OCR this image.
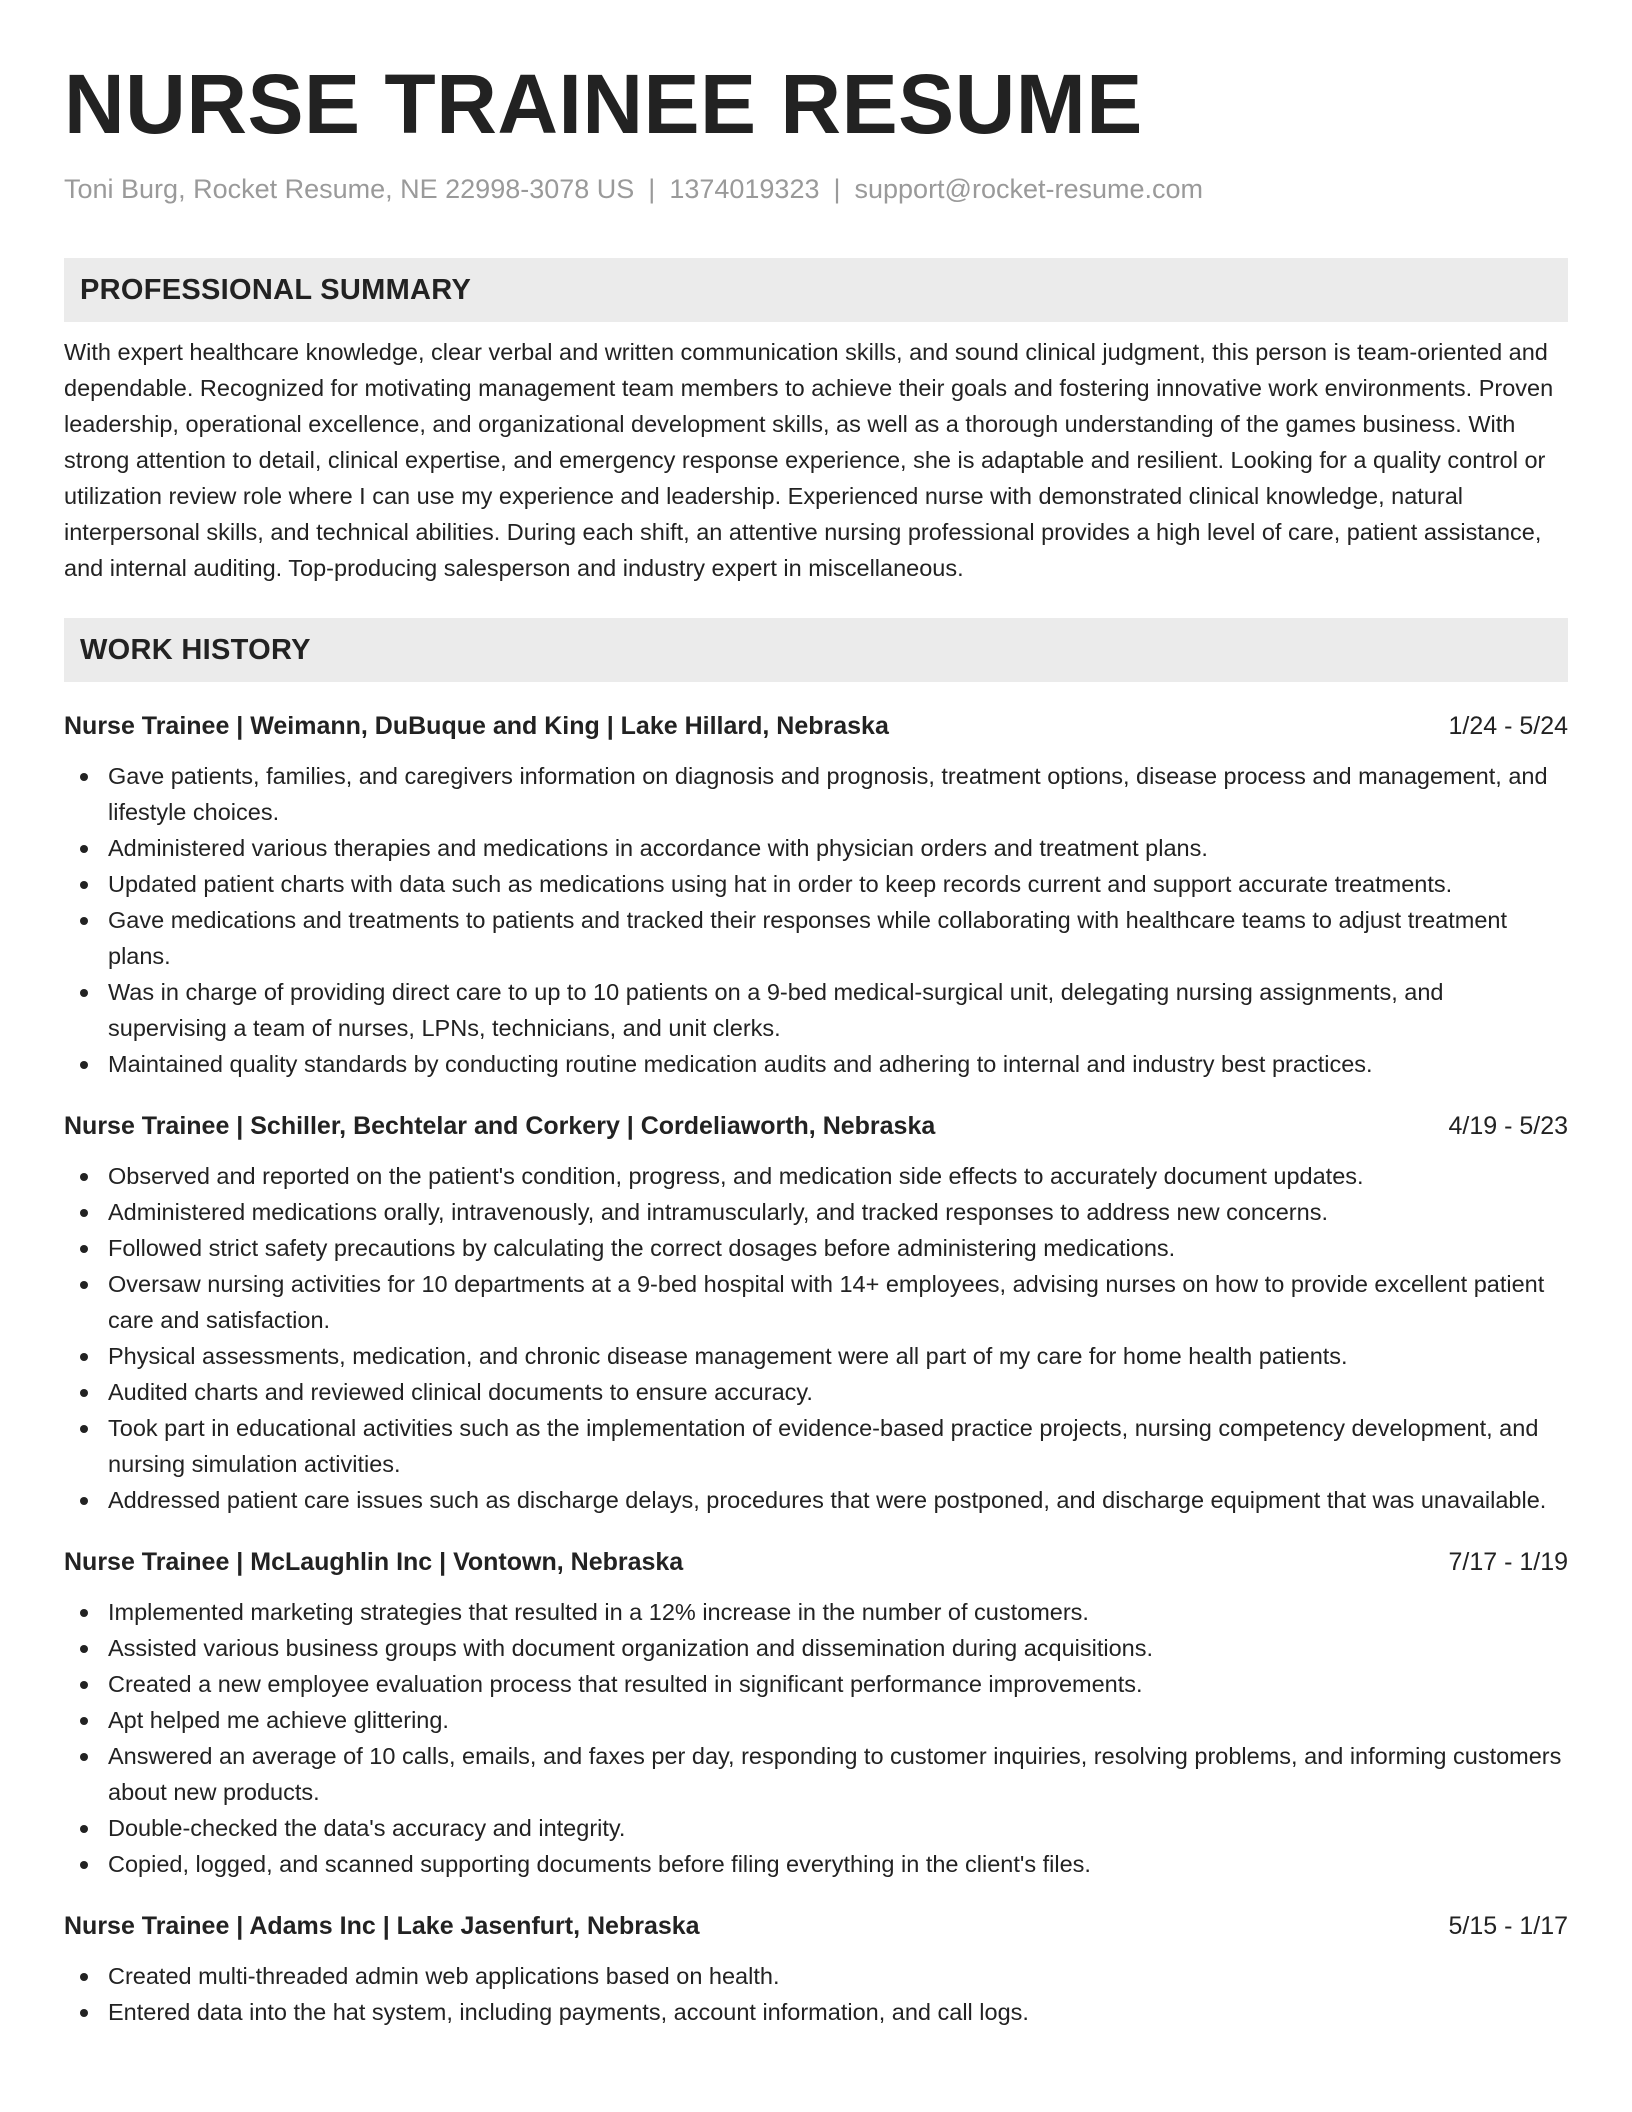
NURSE TRAINEE RESUME
Toni Burg, Rocket Resume, NE 22998-3078 US | 1374019323 | support@rocket-resume.com
PROFESSIONAL SUMMARY
With expert healthcare knowledge, clear verbal and written communication skills, and sound clinical judgment, this person is team-oriented and dependable. Recognized for motivating management team members to achieve their goals and fostering innovative work environments. Proven leadership, operational excellence, and organizational development skills, as well as a thorough understanding of the games business. With strong attention to detail, clinical expertise, and emergency response experience, she is adaptable and resilient. Looking for a quality control or utilization review role where I can use my experience and leadership. Experienced nurse with demonstrated clinical knowledge, natural interpersonal skills, and technical abilities. During each shift, an attentive nursing professional provides a high level of care, patient assistance, and internal auditing. Top-producing salesperson and industry expert in miscellaneous.
WORK HISTORY
Nurse Trainee | Weimann, DuBuque and King | Lake Hillard, Nebraska	1/24 - 5/24
Gave patients, families, and caregivers information on diagnosis and prognosis, treatment options, disease process and management, and lifestyle choices.
Administered various therapies and medications in accordance with physician orders and treatment plans.
Updated patient charts with data such as medications using hat in order to keep records current and support accurate treatments.
Gave medications and treatments to patients and tracked their responses while collaborating with healthcare teams to adjust treatment plans.
Was in charge of providing direct care to up to 10 patients on a 9-bed medical-surgical unit, delegating nursing assignments, and supervising a team of nurses, LPNs, technicians, and unit clerks.
Maintained quality standards by conducting routine medication audits and adhering to internal and industry best practices.
Nurse Trainee | Schiller, Bechtelar and Corkery | Cordeliaworth, Nebraska	4/19 - 5/23
Observed and reported on the patient's condition, progress, and medication side effects to accurately document updates.
Administered medications orally, intravenously, and intramuscularly, and tracked responses to address new concerns.
Followed strict safety precautions by calculating the correct dosages before administering medications.
Oversaw nursing activities for 10 departments at a 9-bed hospital with 14+ employees, advising nurses on how to provide excellent patient care and satisfaction.
Physical assessments, medication, and chronic disease management were all part of my care for home health patients.
Audited charts and reviewed clinical documents to ensure accuracy.
Took part in educational activities such as the implementation of evidence-based practice projects, nursing competency development, and nursing simulation activities.
Addressed patient care issues such as discharge delays, procedures that were postponed, and discharge equipment that was unavailable.
Nurse Trainee | McLaughlin Inc | Vontown, Nebraska	7/17 - 1/19
Implemented marketing strategies that resulted in a 12% increase in the number of customers.
Assisted various business groups with document organization and dissemination during acquisitions.
Created a new employee evaluation process that resulted in significant performance improvements.
Apt helped me achieve glittering.
Answered an average of 10 calls, emails, and faxes per day, responding to customer inquiries, resolving problems, and informing customers about new products.
Double-checked the data's accuracy and integrity.
Copied, logged, and scanned supporting documents before filing everything in the client's files.
Nurse Trainee | Adams Inc | Lake Jasenfurt, Nebraska	5/15 - 1/17
Created multi-threaded admin web applications based on health.
Entered data into the hat system, including payments, account information, and call logs.
